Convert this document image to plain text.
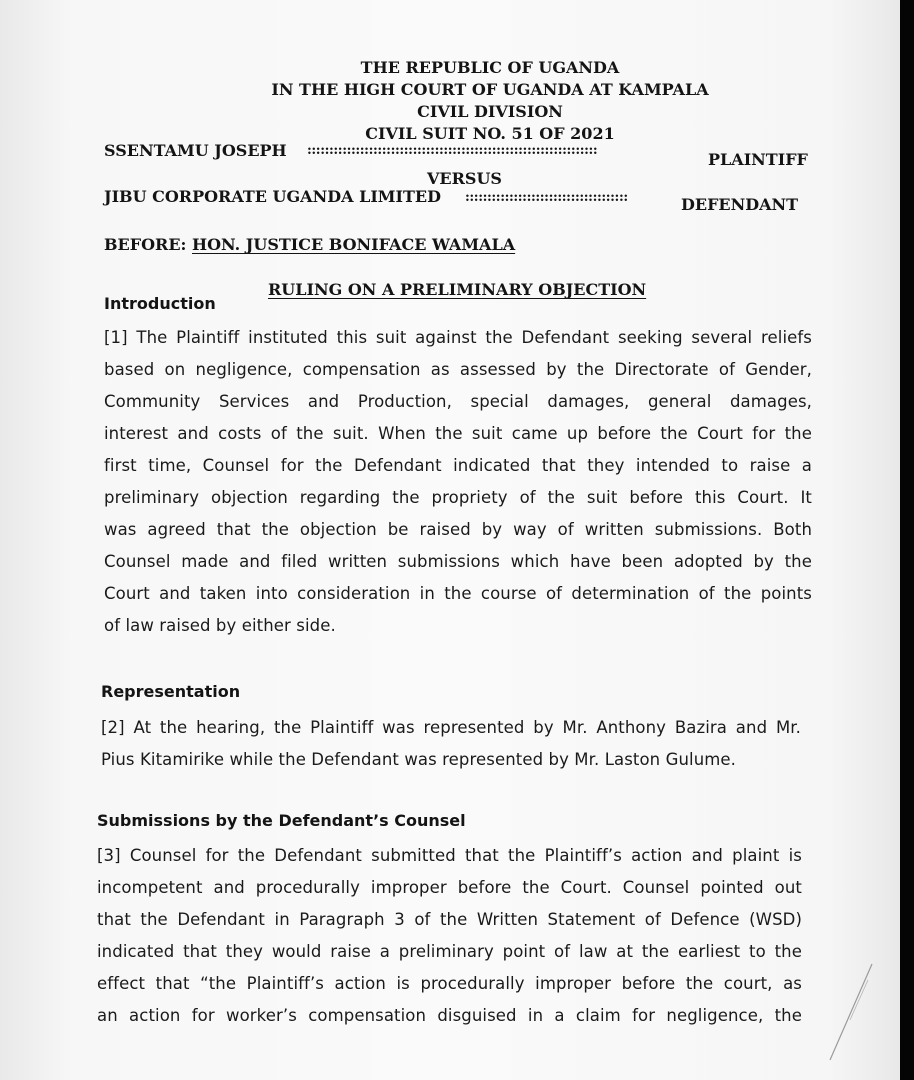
THE REPUBLIC OF UGANDA

IN THE HIGH COURT OF UGANDA AT KAMPALA

CIVIL DIVISION

CIVIL SUIT NO. 51 OF 2021

SSENTAMU JOSEPH ::::::::::::::::::::::::::::::::::::::::::::::::::::::::::::::::::	PLAINTIFF

VERSUS

JIBU CORPORATE UGANDA LIMITED :::::::::::::::::::::::::::::::::::::	DEFENDANT

BEFORE: HON. JUSTICE BONIFACE WAMALA

RULING ON A PRELIMINARY OBJECTION

Introduction

[1] The Plaintiff instituted this suit against the Defendant seeking several reliefs
based on negligence, compensation as assessed by the Directorate of Gender,
Community Services and Production, special damages, general damages,
interest and costs of the suit. When the suit came up before the Court for the
first time, Counsel for the Defendant indicated that they intended to raise a
preliminary objection regarding the propriety of the suit before this Court. It
was agreed that the objection be raised by way of written submissions. Both
Counsel made and filed written submissions which have been adopted by the
Court and taken into consideration in the course of determination of the points
of law raised by either side.

Representation

[2] At the hearing, the Plaintiff was represented by Mr. Anthony Bazira and Mr.
Pius Kitamirike while the Defendant was represented by Mr. Laston Gulume.

Submissions by the Defendant’s Counsel

[3] Counsel for the Defendant submitted that the Plaintiff’s action and plaint is
incompetent and procedurally improper before the Court. Counsel pointed out
that the Defendant in Paragraph 3 of the Written Statement of Defence (WSD)
indicated that they would raise a preliminary point of law at the earliest to the
effect that “the Plaintiff’s action is procedurally improper before the court, as
an action for worker’s compensation disguised in a claim for negligence, the
